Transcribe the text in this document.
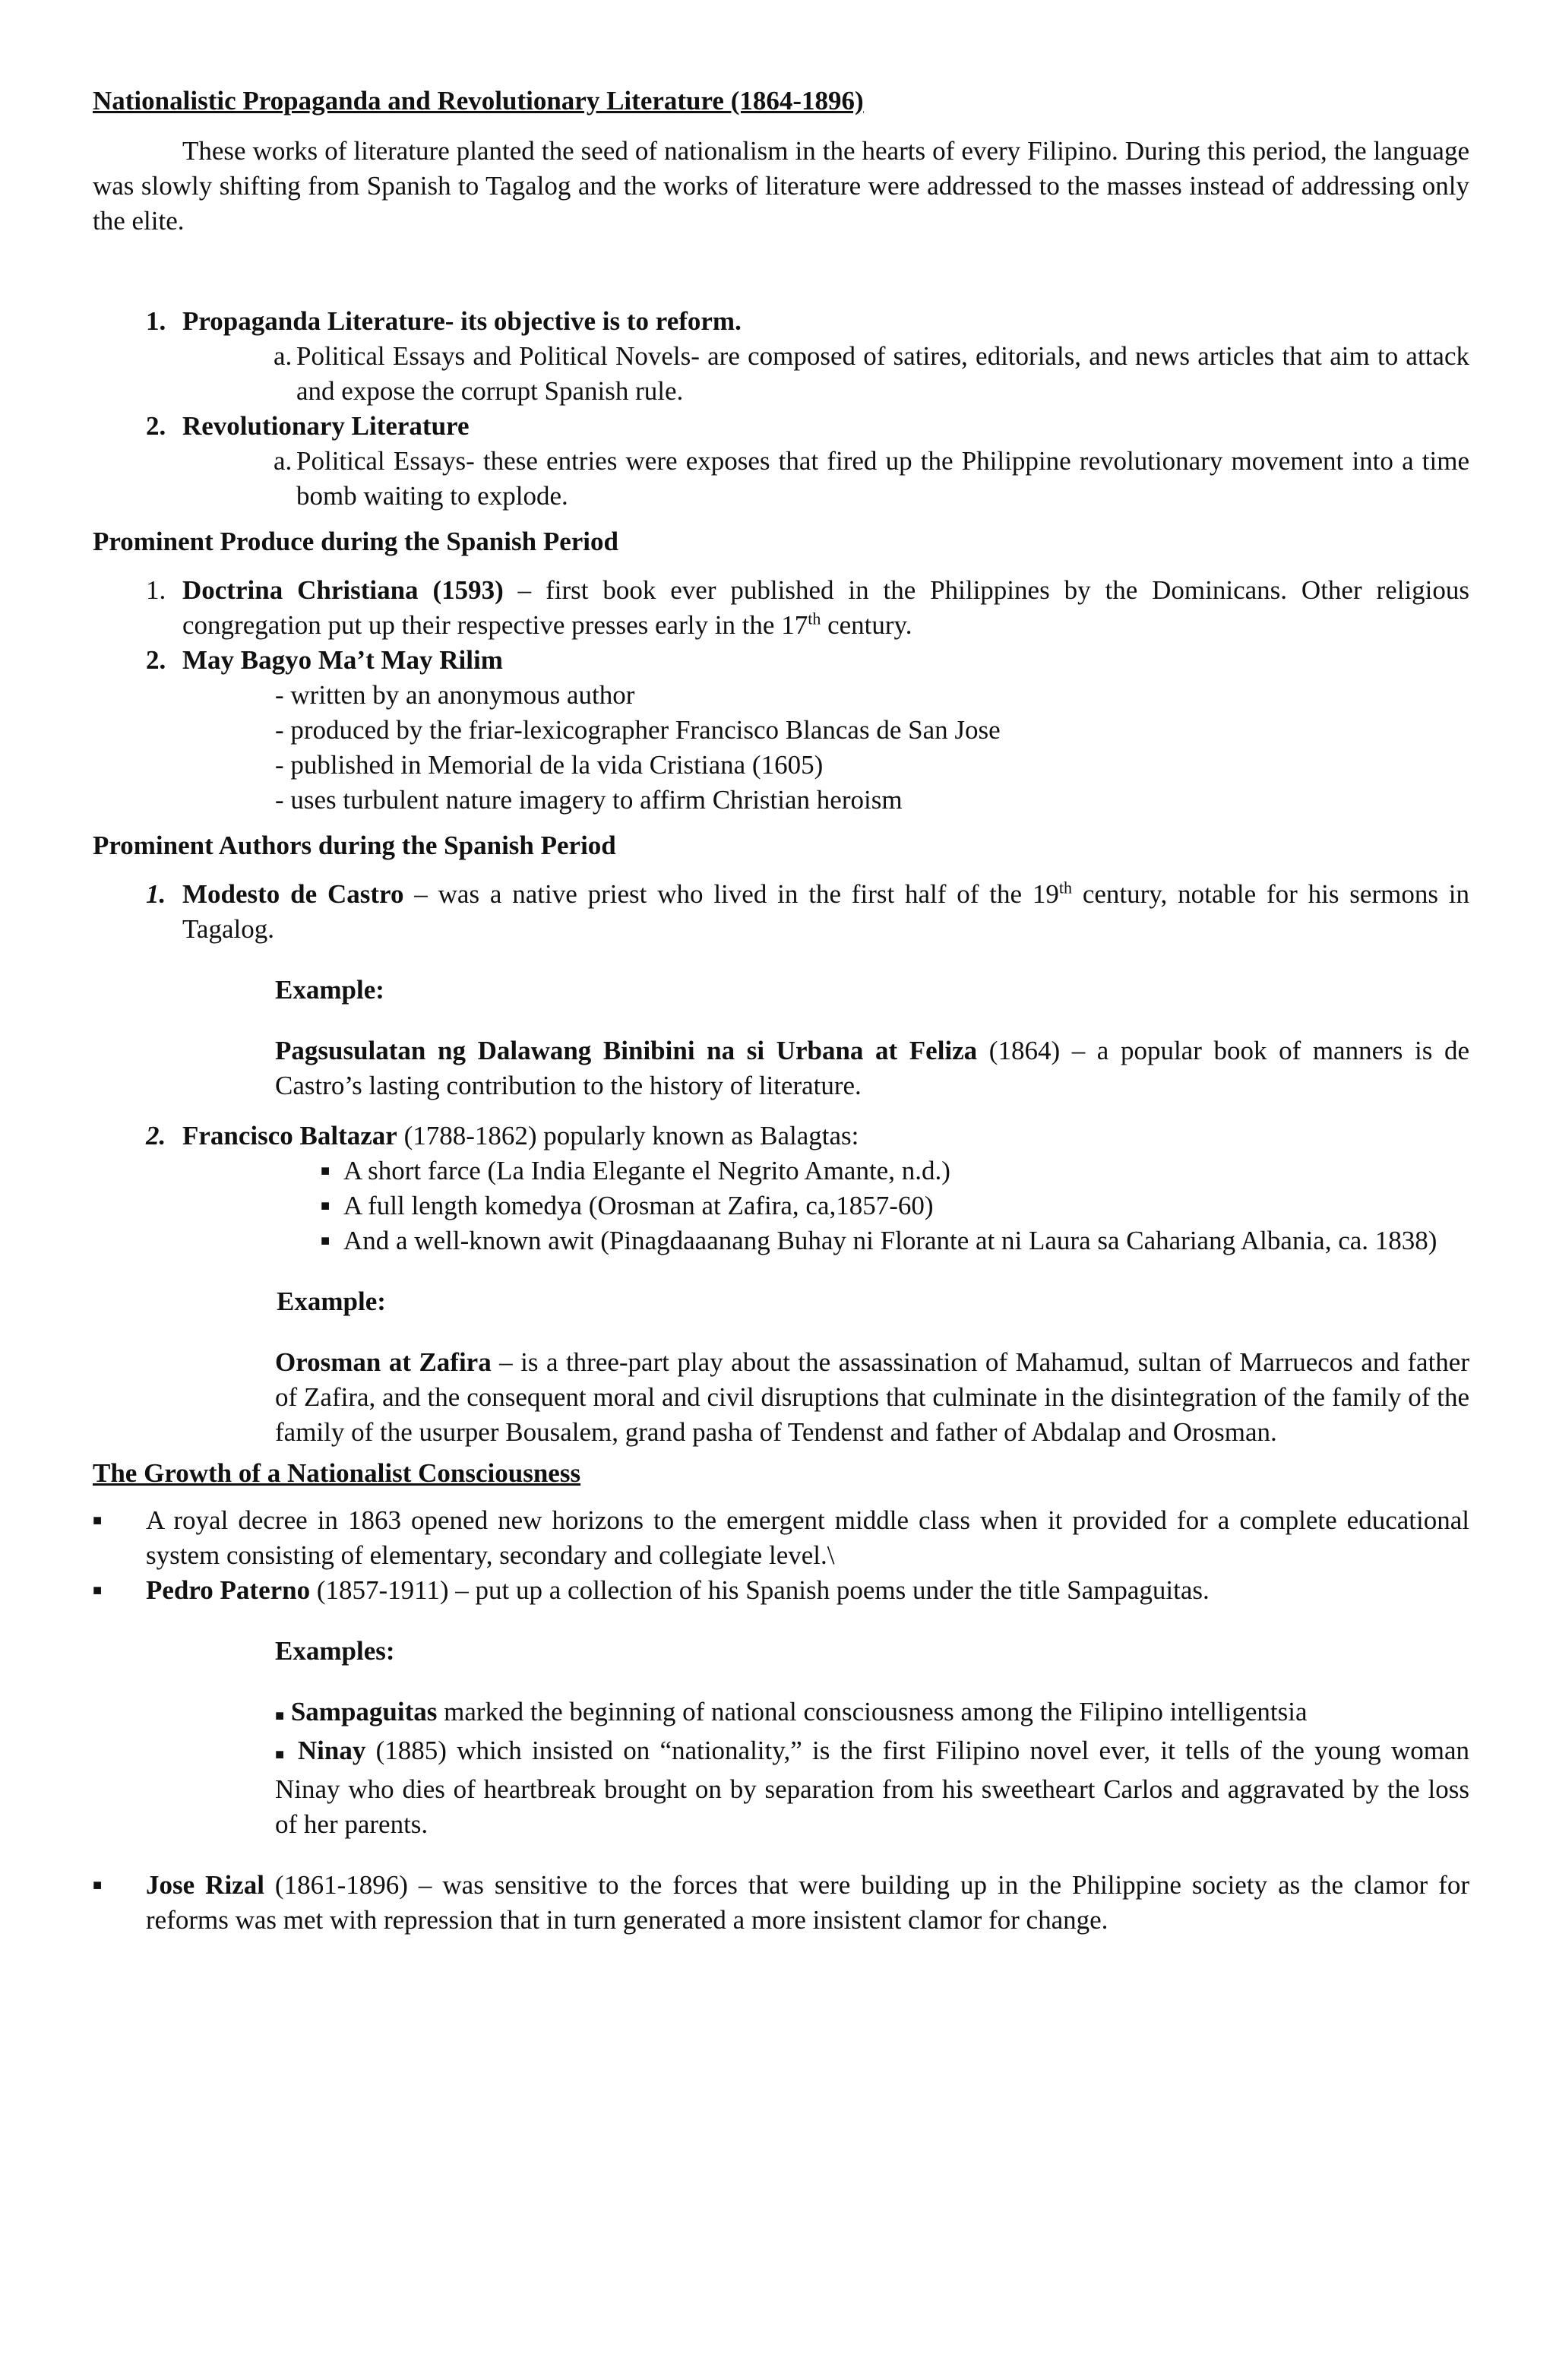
Nationalistic Propaganda and Revolutionary Literature (1864-1896)

These works of literature planted the seed of nationalism in the hearts of every Filipino. During this period, the language was slowly shifting from Spanish to Tagalog and the works of literature were addressed to the masses instead of addressing only the elite.

1. Propaganda Literature- its objective is to reform.
a. Political Essays and Political Novels- are composed of satires, editorials, and news articles that aim to attack and expose the corrupt Spanish rule.
2. Revolutionary Literature
a. Political Essays- these entries were exposes that fired up the Philippine revolutionary movement into a time bomb waiting to explode.

Prominent Produce during the Spanish Period

1. Doctrina Christiana (1593) – first book ever published in the Philippines by the Dominicans. Other religious congregation put up their respective presses early in the 17th century.
2. May Bagyo Ma’t May Rilim
- written by an anonymous author
- produced by the friar-lexicographer Francisco Blancas de San Jose
- published in Memorial de la vida Cristiana (1605)
- uses turbulent nature imagery to affirm Christian heroism

Prominent Authors during the Spanish Period

1. Modesto de Castro – was a native priest who lived in the first half of the 19th century, notable for his sermons in Tagalog.

Example:

Pagsusulatan ng Dalawang Binibini na si Urbana at Feliza (1864) – a popular book of manners is de Castro’s lasting contribution to the history of literature.

2. Francisco Baltazar (1788-1862) popularly known as Balagtas:
■ A short farce (La India Elegante el Negrito Amante, n.d.)
■ A full length komedya (Orosman at Zafira, ca,1857-60)
■ And a well-known awit (Pinagdaaanang Buhay ni Florante at ni Laura sa Cahariang Albania, ca. 1838)

Example:

Orosman at Zafira – is a three-part play about the assassination of Mahamud, sultan of Marruecos and father of Zafira, and the consequent moral and civil disruptions that culminate in the disintegration of the family of the family of the usurper Bousalem, grand pasha of Tendenst and father of Abdalap and Orosman.

The Growth of a Nationalist Consciousness

■	A royal decree in 1863 opened new horizons to the emergent middle class when it provided for a complete educational system consisting of elementary, secondary and collegiate level.\
■	Pedro Paterno (1857-1911) – put up a collection of his Spanish poems under the title Sampaguitas.

Examples:

■ Sampaguitas marked the beginning of national consciousness among the Filipino intelligentsia

■ Ninay (1885) which insisted on “nationality,” is the first Filipino novel ever, it tells of the young woman Ninay who dies of heartbreak brought on by separation from his sweetheart Carlos and aggravated by the loss of her parents.

■	Jose Rizal (1861-1896) – was sensitive to the forces that were building up in the Philippine society as the clamor for reforms was met with repression that in turn generated a more insistent clamor for change.
